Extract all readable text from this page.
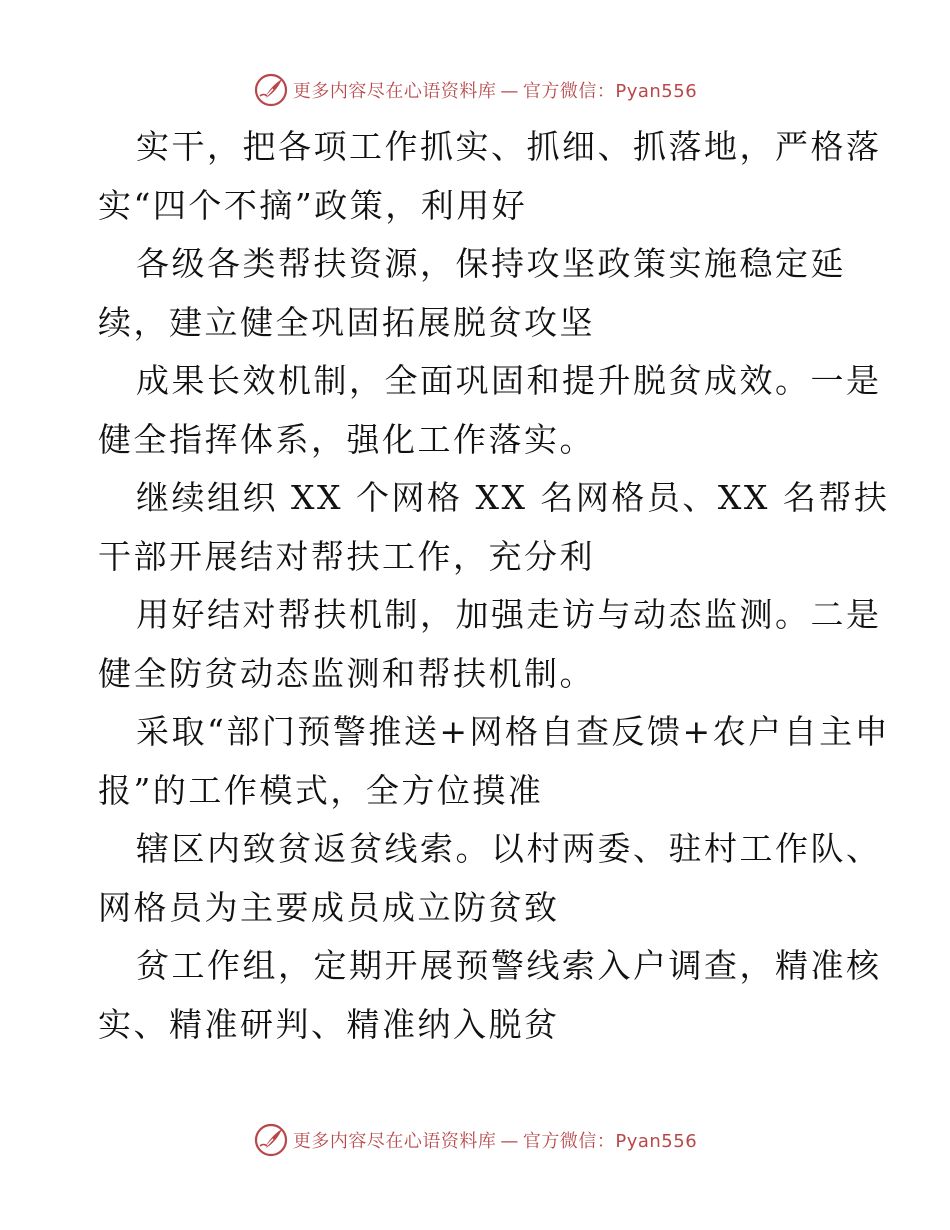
更多内容尽在心语资料库 — 官方微信：Pyan556

实干，把各项工作抓实、抓细、抓落地，严格落
实“四个不摘”政策，利用好

各级各类帮扶资源，保持攻坚政策实施稳定延
续，建立健全巩固拓展脱贫攻坚

成果长效机制，全面巩固和提升脱贫成效。一是
健全指挥体系，强化工作落实。

继续组织 XX 个网格 XX 名网格员、XX 名帮扶
干部开展结对帮扶工作，充分利

用好结对帮扶机制，加强走访与动态监测。二是
健全防贫动态监测和帮扶机制。

采取“部门预警推送+网格自查反馈+农户自主申
报”的工作模式，全方位摸准

辖区内致贫返贫线索。以村两委、驻村工作队、
网格员为主要成员成立防贫致

贫工作组，定期开展预警线索入户调查，精准核
实、精准研判、精准纳入脱贫

更多内容尽在心语资料库 — 官方微信：Pyan556
